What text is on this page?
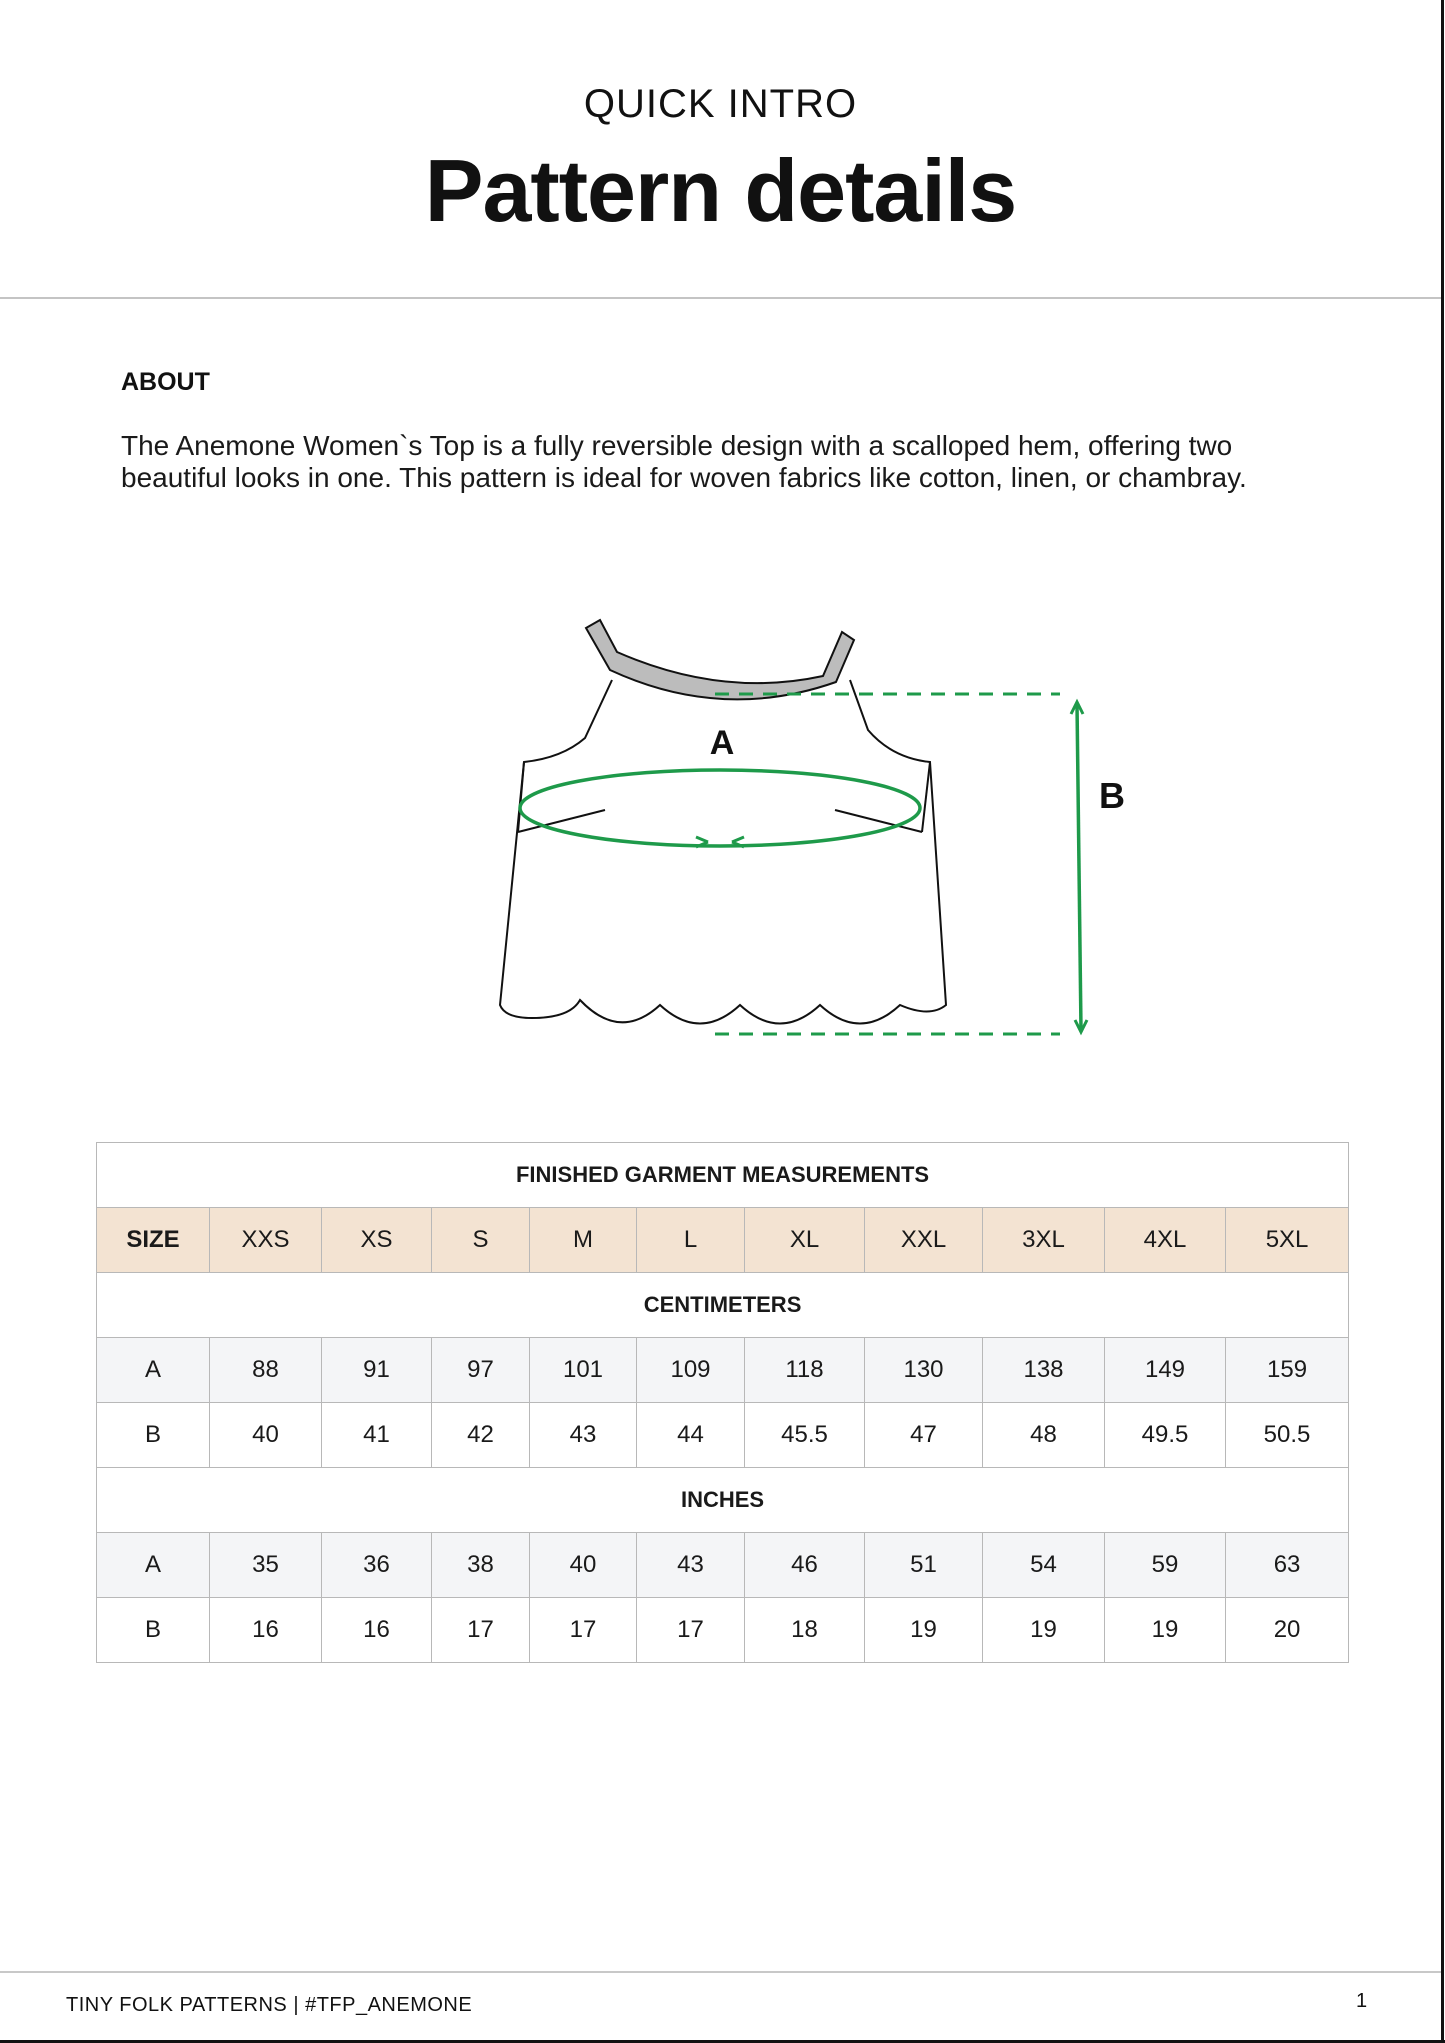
QUICK INTRO
Pattern details
ABOUT
The Anemone Women`s Top is a fully reversible design with a scalloped hem, offering two beautiful looks in one. This pattern is ideal for woven fabrics like cotton, linen, or chambray.
A
B
FINISHED GARMENT MEASUREMENTS										
SIZE	XXS	XS	S	M	L	XL	XXL	3XL	4XL	5XL
CENTIMETERS										
A	88	91	97	101	109	118	130	138	149	159
B	40	41	42	43	44	45.5	47	48	49.5	50.5
INCHES										
A	35	36	38	40	43	46	51	54	59	63
B	16	16	17	17	17	18	19	19	19	20
TINY FOLK PATTERNS | #TFP_ANEMONE	1
